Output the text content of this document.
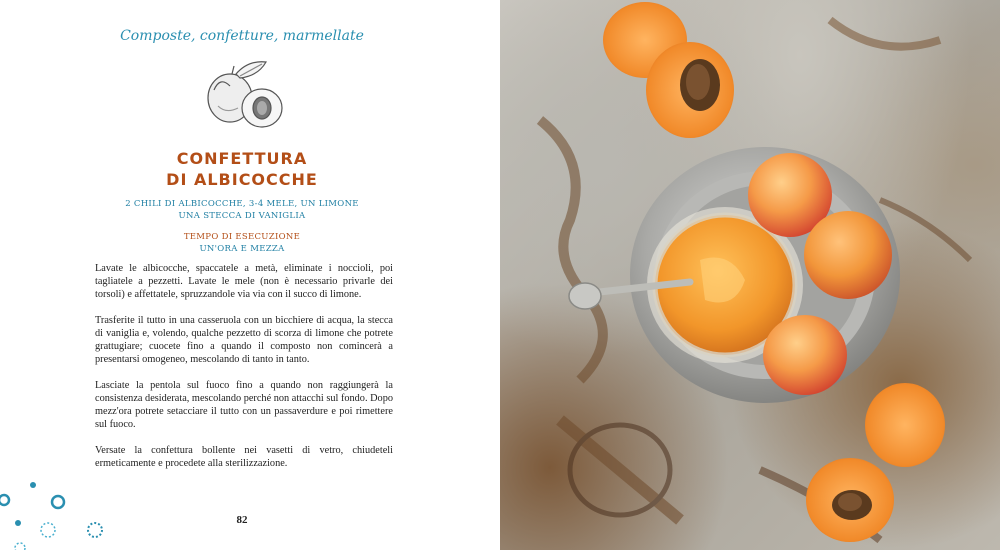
Composte, confetture, marmellate
CONFETTURA
DI ALBICOCCHE
2 CHILI DI ALBICOCCHE, 3-4 MELE, UN LIMONE
UNA STECCA DI VANIGLIA
TEMPO DI ESECUZIONE
UN'ORA E MEZZA

Lavate le albicocche, spaccatele a metà, eliminate i noccioli, poi tagliatele a pezzetti. Lavate le mele (non è necessario privarle dei torsoli) e affettatele, spruzzandole via via con il succo di limone.

Trasferite il tutto in una casseruola con un bicchiere di acqua, la stecca di vaniglia e, volendo, qualche pezzetto di scorza di limone che potrete grattugiare; cuocete fino a quando il composto non comincerà a presentarsi omogeneo, mescolando di tanto in tanto.

Lasciate la pentola sul fuoco fino a quando non raggiungerà la consistenza desiderata, mescolando perché non attacchi sul fondo. Dopo mezz'ora potrete setacciare il tutto con un passaverdure e poi rimettere sul fuoco.

Versate la confettura bollente nei vasetti di vetro, chiudeteli ermeticamente e procedete alla sterilizzazione.

82
